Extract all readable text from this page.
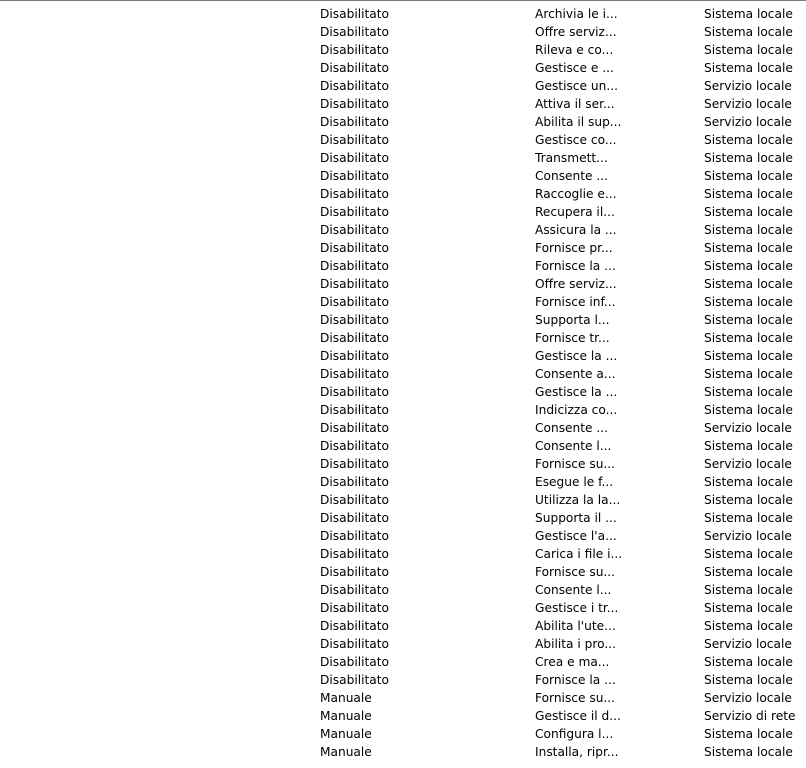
Disabilitato	Archivia le i...	Sistema locale
Disabilitato	Offre serviz...	Sistema locale
Disabilitato	Rileva e co...	Sistema locale
Disabilitato	Gestisce e ...	Sistema locale
Disabilitato	Gestisce un...	Servizio locale
Disabilitato	Attiva il ser...	Servizio locale
Disabilitato	Abilita il sup...	Servizio locale
Disabilitato	Gestisce co...	Sistema locale
Disabilitato	Transmett...	Sistema locale
Disabilitato	Consente ...	Sistema locale
Disabilitato	Raccoglie e...	Sistema locale
Disabilitato	Recupera il...	Sistema locale
Disabilitato	Assicura la ...	Sistema locale
Disabilitato	Fornisce pr...	Sistema locale
Disabilitato	Fornisce la ...	Sistema locale
Disabilitato	Offre serviz...	Sistema locale
Disabilitato	Fornisce inf...	Sistema locale
Disabilitato	Supporta l...	Sistema locale
Disabilitato	Fornisce tr...	Sistema locale
Disabilitato	Gestisce la ...	Sistema locale
Disabilitato	Consente a...	Sistema locale
Disabilitato	Gestisce la ...	Sistema locale
Disabilitato	Indicizza co...	Sistema locale
Disabilitato	Consente ...	Servizio locale
Disabilitato	Consente l...	Sistema locale
Disabilitato	Fornisce su...	Servizio locale
Disabilitato	Esegue le f...	Sistema locale
Disabilitato	Utilizza la la...	Sistema locale
Disabilitato	Supporta il ...	Sistema locale
Disabilitato	Gestisce l'a...	Servizio locale
Disabilitato	Carica i file i...	Sistema locale
Disabilitato	Fornisce su...	Sistema locale
Disabilitato	Consente l...	Sistema locale
Disabilitato	Gestisce i tr...	Sistema locale
Disabilitato	Abilita l'ute...	Sistema locale
Disabilitato	Abilita i pro...	Servizio locale
Disabilitato	Crea e ma...	Sistema locale
Disabilitato	Fornisce la ...	Sistema locale
Manuale	Fornisce su...	Servizio locale
Manuale	Gestisce il d...	Servizio di rete
Manuale	Configura l...	Sistema locale
Manuale	Installa, ripr...	Sistema locale
